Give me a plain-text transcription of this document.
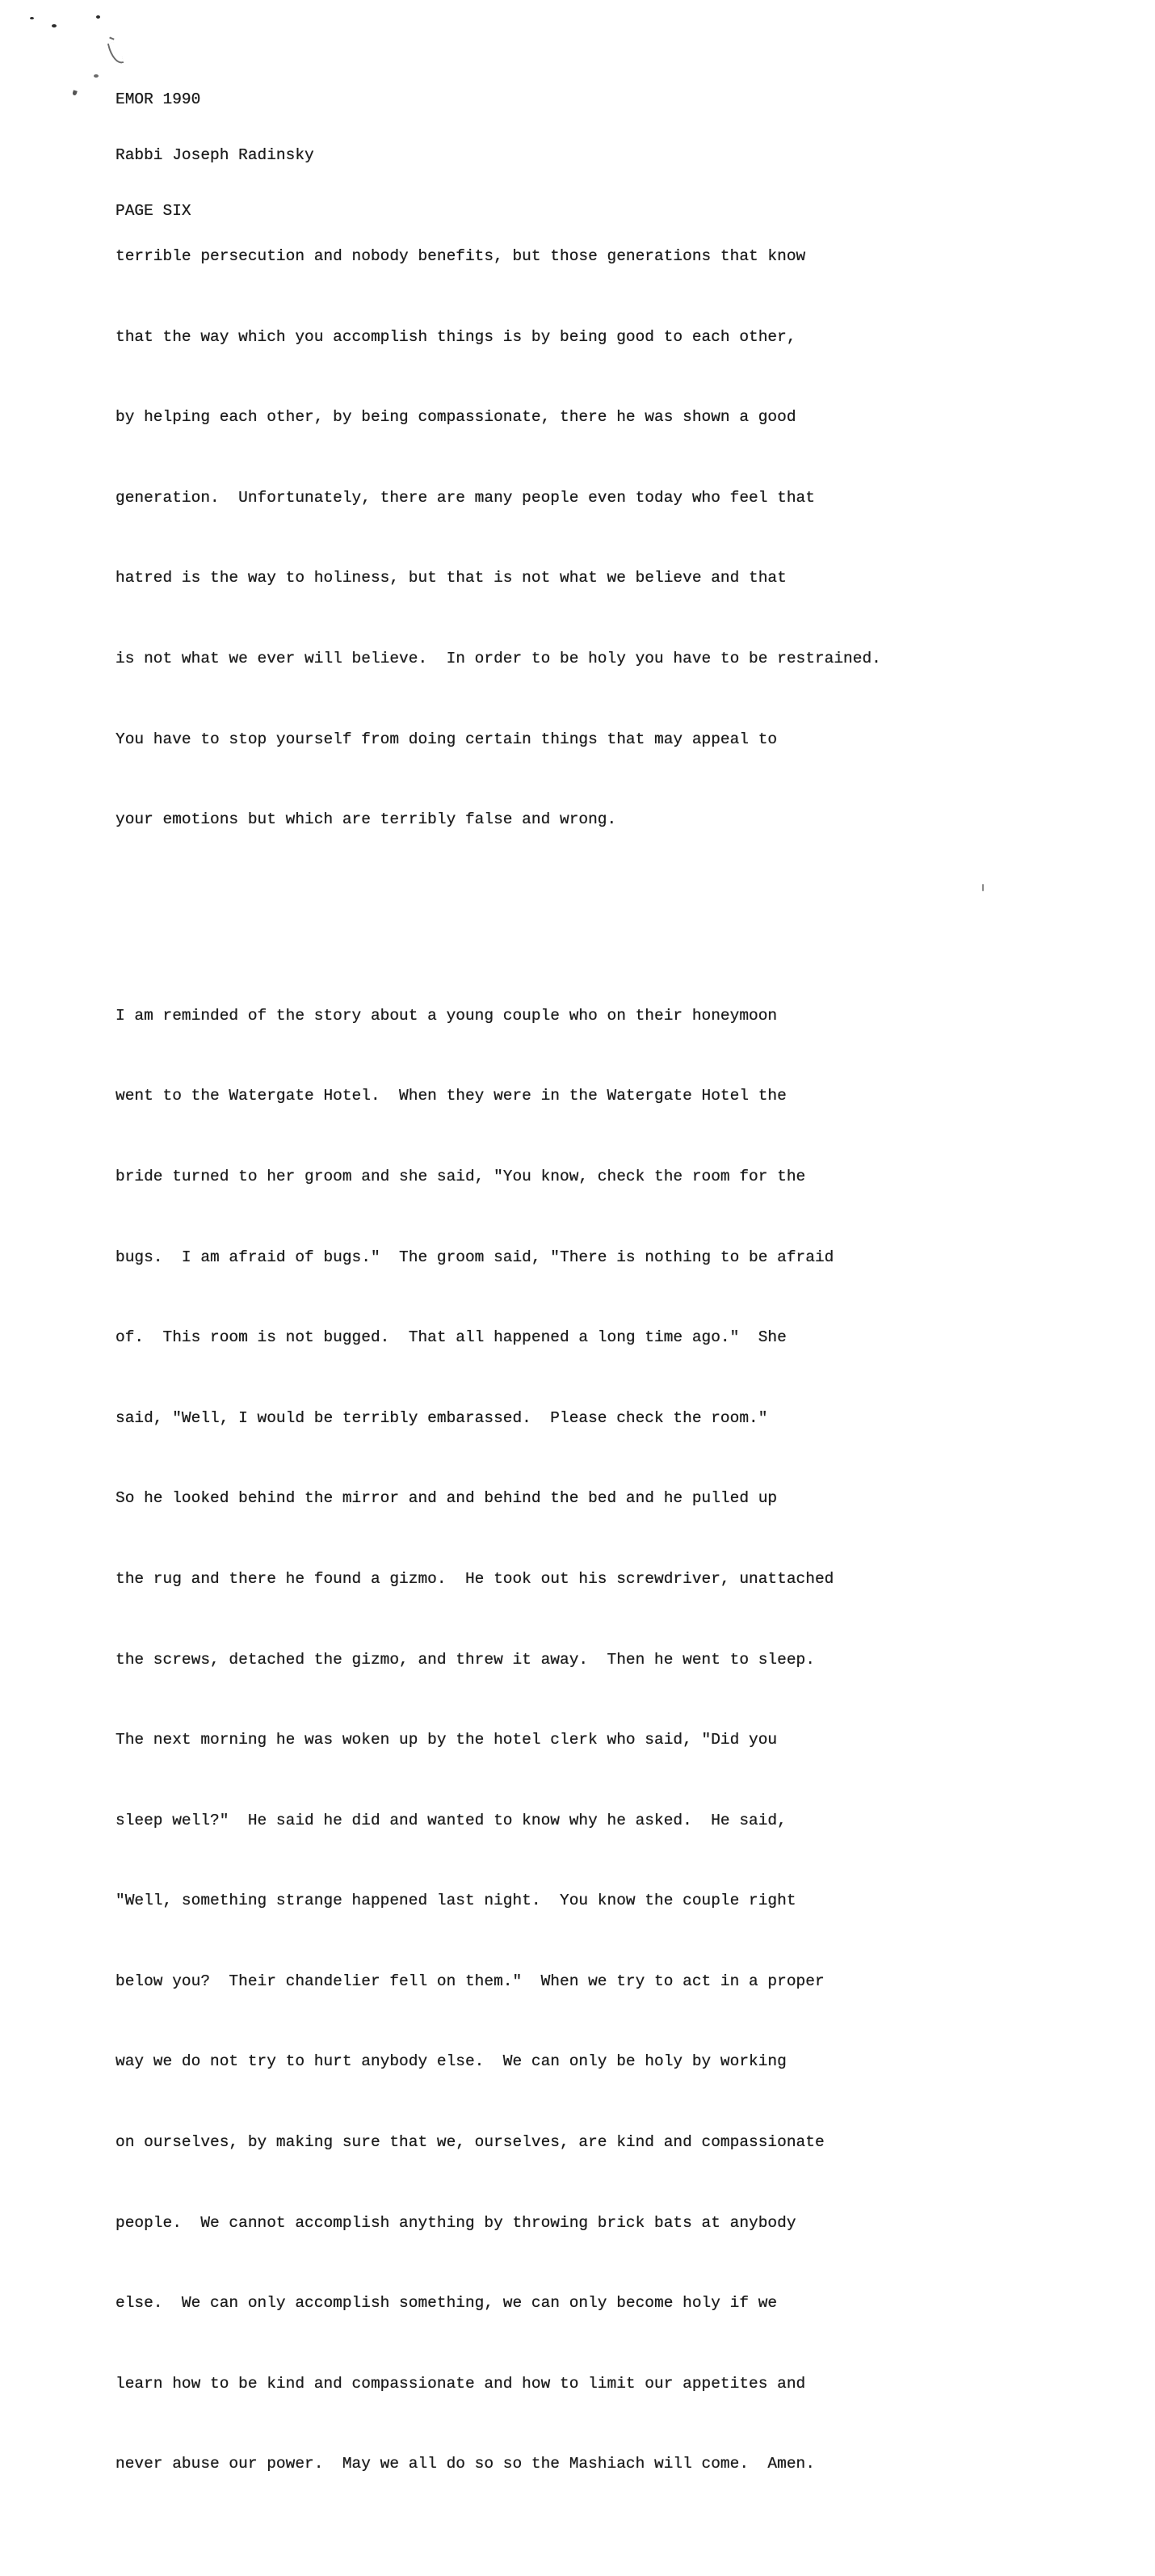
EMOR 1990

Rabbi Joseph Radinsky

PAGE SIX

terrible persecution and nobody benefits, but those generations that know

that the way which you accomplish things is by being good to each other,

by helping each other, by being compassionate, there he was shown a good

generation.  Unfortunately, there are many people even today who feel that

hatred is the way to holiness, but that is not what we believe and that

is not what we ever will believe.  In order to be holy you have to be restrained.

You have to stop yourself from doing certain things that may appeal to

your emotions but which are terribly false and wrong.

I am reminded of the story about a young couple who on their honeymoon

went to the Watergate Hotel.  When they were in the Watergate Hotel the

bride turned to her groom and she said, "You know, check the room for the

bugs.  I am afraid of bugs."  The groom said, "There is nothing to be afraid

of.  This room is not bugged.  That all happened a long time ago."  She

said, "Well, I would be terribly embarassed.  Please check the room."

So he looked behind the mirror and and behind the bed and he pulled up

the rug and there he found a gizmo.  He took out his screwdriver, unattached

the screws, detached the gizmo, and threw it away.  Then he went to sleep.

The next morning he was woken up by the hotel clerk who said, "Did you

sleep well?"  He said he did and wanted to know why he asked.  He said,

"Well, something strange happened last night.  You know the couple right

below you?  Their chandelier fell on them."  When we try to act in a proper

way we do not try to hurt anybody else.  We can only be holy by working

on ourselves, by making sure that we, ourselves, are kind and compassionate

people.  We cannot accomplish anything by throwing brick bats at anybody

else.  We can only accomplish something, we can only become holy if we

learn how to be kind and compassionate and how to limit our appetites and

never abuse our power.  May we all do so so the Mashiach will come.  Amen.
